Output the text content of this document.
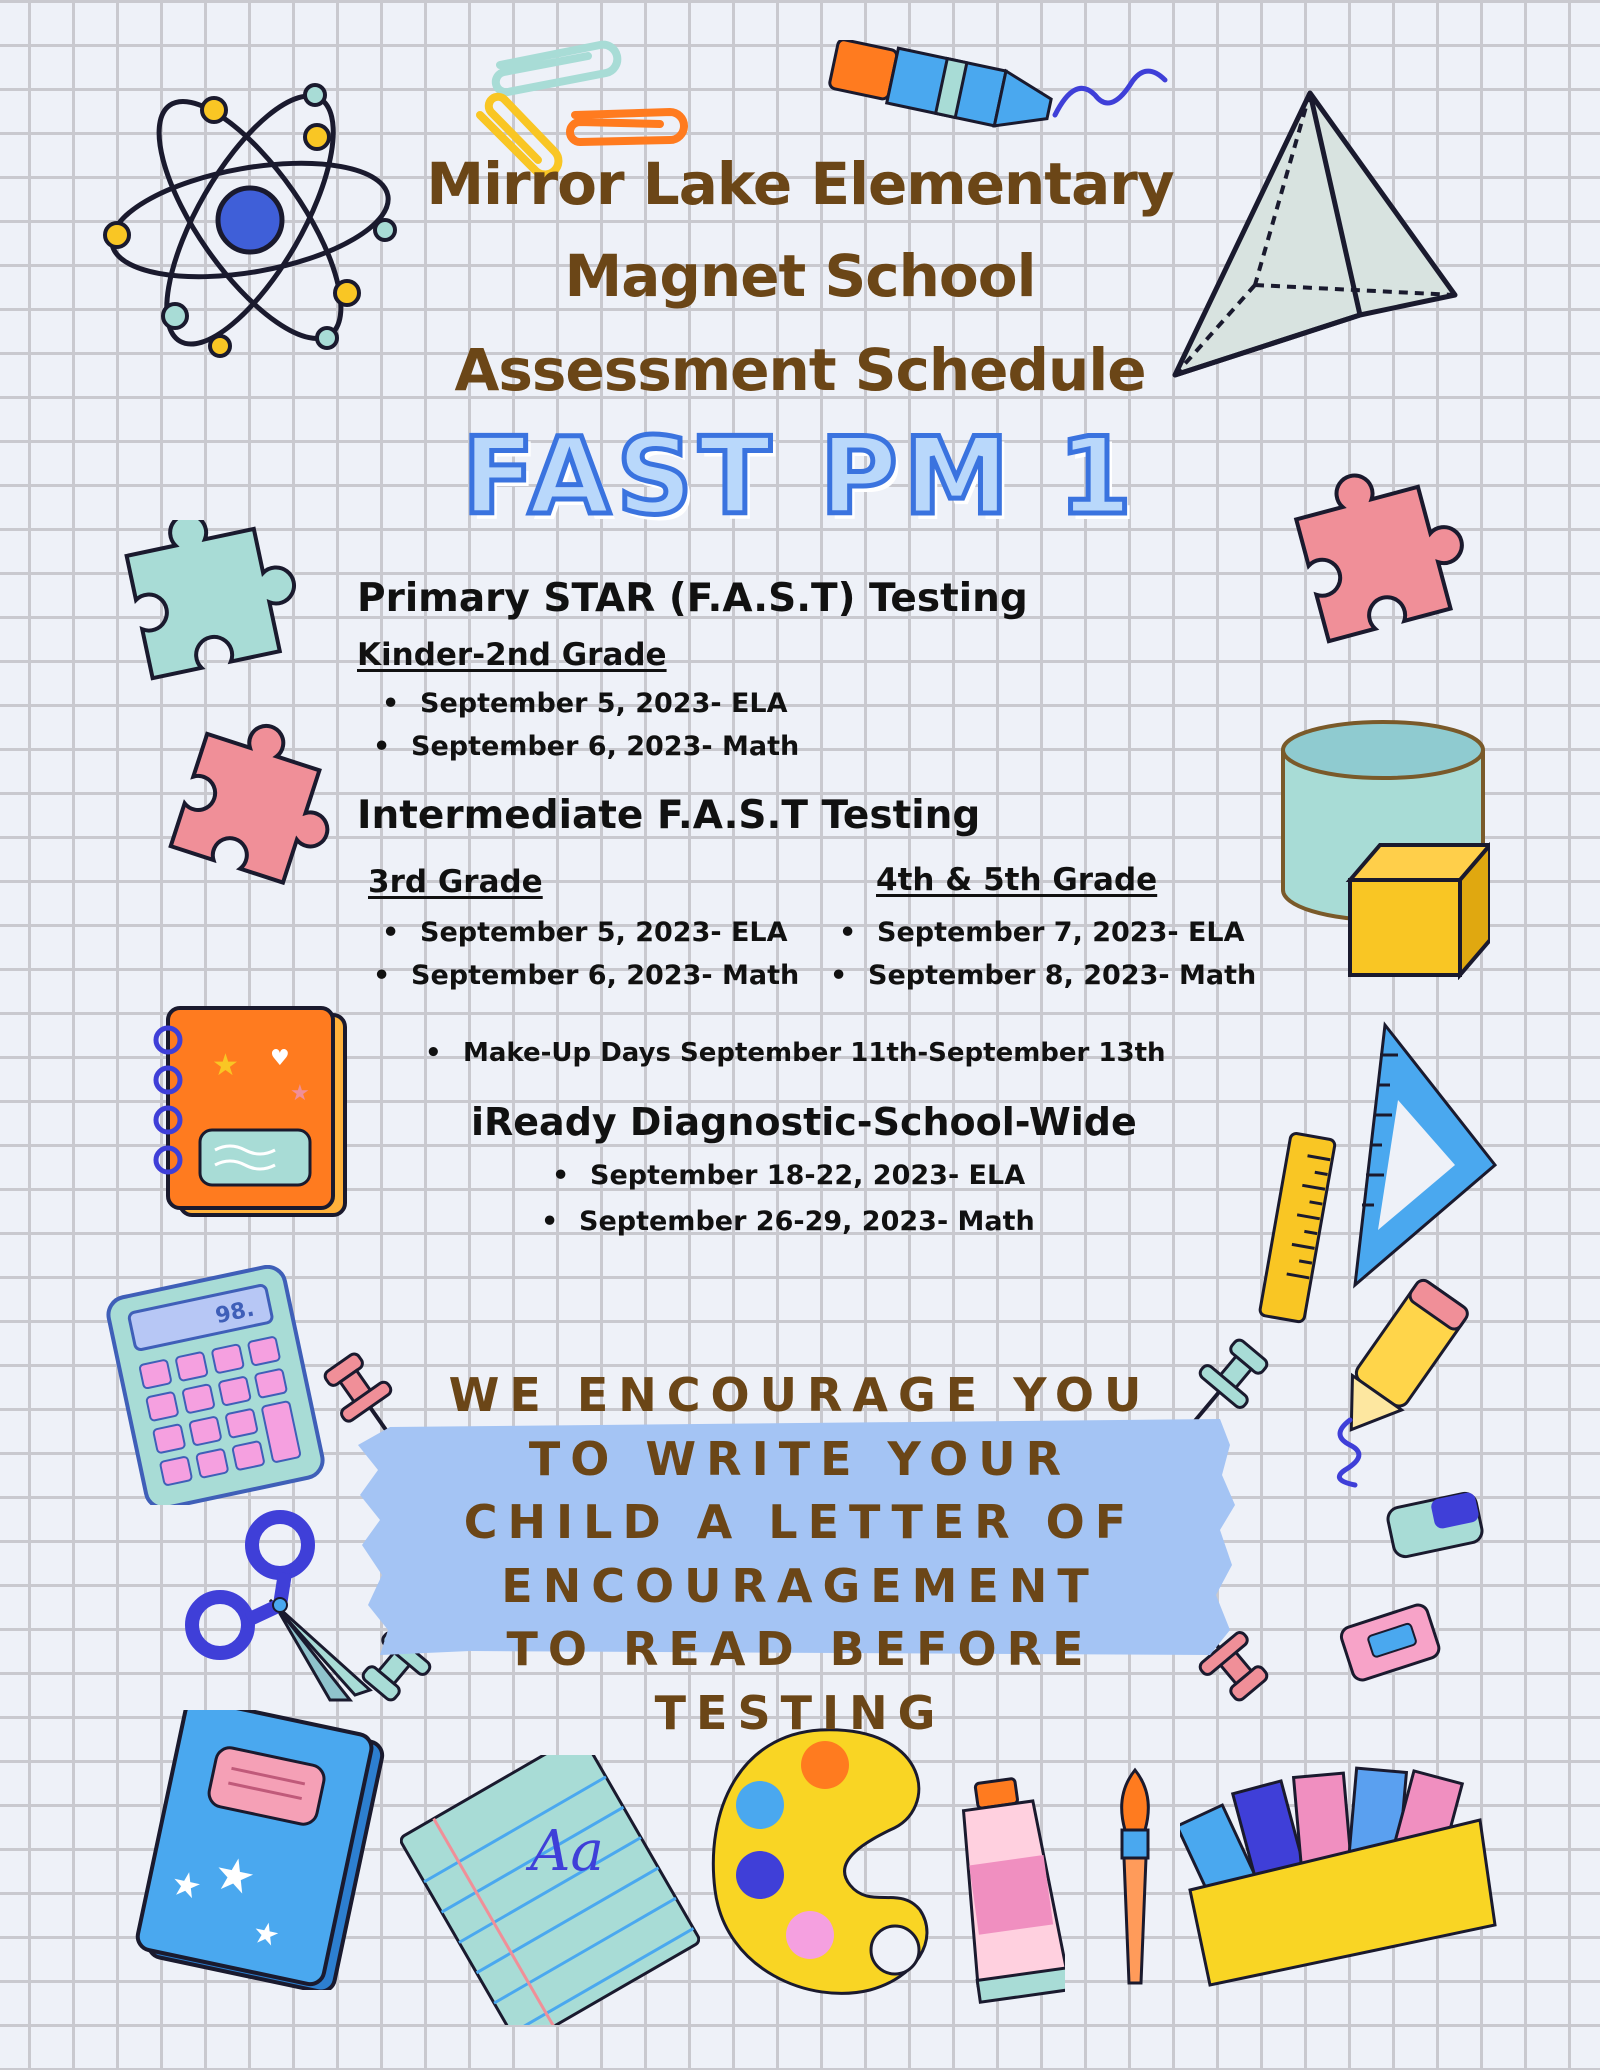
★ ♥
★
98.
★ ★
★
Aa
Mirror Lake Elementary
Magnet School
Assessment Schedule
FAST PM 1
Primary STAR (F.A.S.T) Testing
Kinder-2nd Grade
• September 5, 2023- ELA
• September 6, 2023- Math
Intermediate F.A.S.T Testing
3rd Grade
• September 5, 2023- ELA
• September 6, 2023- Math
4th & 5th Grade
• September 7, 2023- ELA
• September 8, 2023- Math
• Make-Up Days September 11th-September 13th
iReady Diagnostic-School-Wide
• September 18-22, 2023- ELA
• September 26-29, 2023- Math
WE ENCOURAGE YOU
TO WRITE YOUR
CHILD A LETTER OF
ENCOURAGEMENT
TO READ BEFORE
TESTING
